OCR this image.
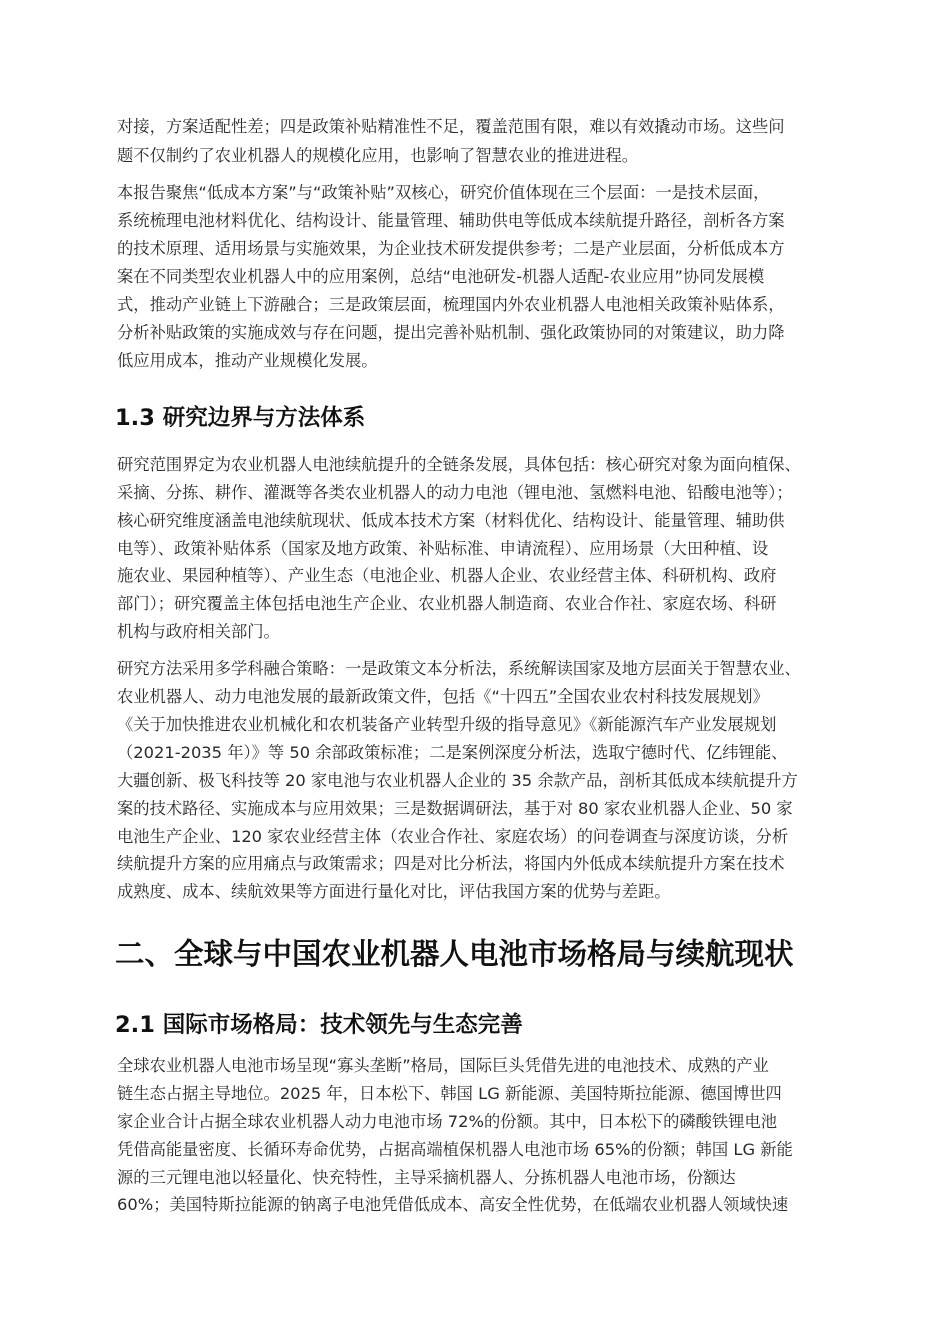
对接，方案适配性差；四是政策补贴精准性不足，覆盖范围有限，难以有效撬动市场。这些问
题不仅制约了农业机器人的规模化应用，也影响了智慧农业的推进进程。
本报告聚焦“低成本方案”与“政策补贴”双核心，研究价值体现在三个层面：一是技术层面，
系统梳理电池材料优化、结构设计、能量管理、辅助供电等低成本续航提升路径，剖析各方案
的技术原理、适用场景与实施效果，为企业技术研发提供参考；二是产业层面，分析低成本方
案在不同类型农业机器人中的应用案例，总结“电池研发-机器人适配-农业应用”协同发展模
式，推动产业链上下游融合；三是政策层面，梳理国内外农业机器人电池相关政策补贴体系，
分析补贴政策的实施成效与存在问题，提出完善补贴机制、强化政策协同的对策建议，助力降
低应用成本，推动产业规模化发展。
1.3 研究边界与方法体系
研究范围界定为农业机器人电池续航提升的全链条发展，具体包括：核心研究对象为面向植保、
采摘、分拣、耕作、灌溉等各类农业机器人的动力电池（锂电池、氢燃料电池、铅酸电池等）；
核心研究维度涵盖电池续航现状、低成本技术方案（材料优化、结构设计、能量管理、辅助供
电等）、政策补贴体系（国家及地方政策、补贴标准、申请流程）、应用场景（大田种植、设
施农业、果园种植等）、产业生态（电池企业、机器人企业、农业经营主体、科研机构、政府
部门）；研究覆盖主体包括电池生产企业、农业机器人制造商、农业合作社、家庭农场、科研
机构与政府相关部门。
研究方法采用多学科融合策略：一是政策文本分析法，系统解读国家及地方层面关于智慧农业、
农业机器人、动力电池发展的最新政策文件，包括《“十四五”全国农业农村科技发展规划》
《关于加快推进农业机械化和农机装备产业转型升级的指导意见》《新能源汽车产业发展规划
（2021-2035 年）》等 50 余部政策标准；二是案例深度分析法，选取宁德时代、亿纬锂能、
大疆创新、极飞科技等 20 家电池与农业机器人企业的 35 余款产品，剖析其低成本续航提升方
案的技术路径、实施成本与应用效果；三是数据调研法，基于对 80 家农业机器人企业、50 家
电池生产企业、120 家农业经营主体（农业合作社、家庭农场）的问卷调查与深度访谈，分析
续航提升方案的应用痛点与政策需求；四是对比分析法，将国内外低成本续航提升方案在技术
成熟度、成本、续航效果等方面进行量化对比，评估我国方案的优势与差距。
二、全球与中国农业机器人电池市场格局与续航现状
2.1 国际市场格局：技术领先与生态完善
全球农业机器人电池市场呈现“寡头垄断”格局，国际巨头凭借先进的电池技术、成熟的产业
链生态占据主导地位。2025 年，日本松下、韩国 LG 新能源、美国特斯拉能源、德国博世四
家企业合计占据全球农业机器人动力电池市场 72%的份额。其中，日本松下的磷酸铁锂电池
凭借高能量密度、长循环寿命优势，占据高端植保机器人电池市场 65%的份额；韩国 LG 新能
源的三元锂电池以轻量化、快充特性，主导采摘机器人、分拣机器人电池市场，份额达
60%；美国特斯拉能源的钠离子电池凭借低成本、高安全性优势，在低端农业机器人领域快速
